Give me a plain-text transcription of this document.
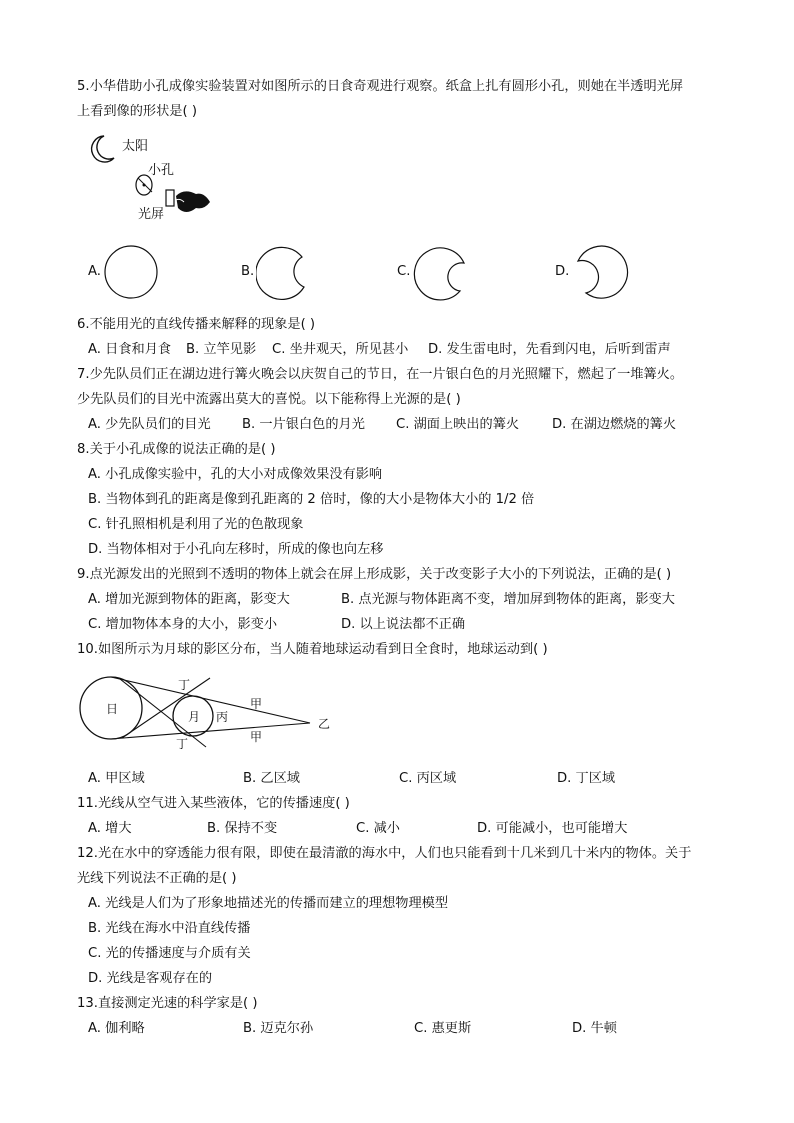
5.小华借助小孔成像实验装置对如图所示的日食奇观进行观察。纸盒上扎有圆形小孔，则她在半透明光屏
上看到像的形状是( )
太阳
小孔
光屏
A.	B.	C.	D.
6.不能用光的直线传播来解释的现象是( )
A. 日食和月食 B. 立竿见影 C. 坐井观天，所见甚小 D. 发生雷电时，先看到闪电，后听到雷声
7.少先队员们正在湖边进行篝火晚会以庆贺自己的节日，在一片银白色的月光照耀下，燃起了一堆篝火。
少先队员们的目光中流露出莫大的喜悦。以下能称得上光源的是( )
A. 少先队员们的目光 B. 一片银白色的月光 C. 湖面上映出的篝火 D. 在湖边燃烧的篝火
8.关于小孔成像的说法正确的是( )
A. 小孔成像实验中，孔的大小对成像效果没有影响
B. 当物体到孔的距离是像到孔距离的 2 倍时，像的大小是物体大小的 1/2 倍
C. 针孔照相机是利用了光的色散现象
D. 当物体相对于小孔向左移时，所成的像也向左移
9.点光源发出的光照到不透明的物体上就会在屏上形成影，关于改变影子大小的下列说法，正确的是( )
A. 增加光源到物体的距离，影变大	B. 点光源与物体距离不变，增加屏到物体的距离，影变大
C. 增加物体本身的大小，影变小	D. 以上说法都不正确
10.如图所示为月球的影区分布，当人随着地球运动看到日全食时，地球运动到( )
日
月 丙
甲
甲
乙
丁
丁
A. 甲区域	B. 乙区域	C. 丙区域	D. 丁区域
11.光线从空气进入某些液体，它的传播速度( )
A. 增大	B. 保持不变	C. 减小	D. 可能减小，也可能增大
12.光在水中的穿透能力很有限，即使在最清澈的海水中，人们也只能看到十几米到几十米内的物体。关于
光线下列说法不正确的是( )
A. 光线是人们为了形象地描述光的传播而建立的理想物理模型
B. 光线在海水中沿直线传播
C. 光的传播速度与介质有关
D. 光线是客观存在的
13.直接测定光速的科学家是( )
A. 伽利略	B. 迈克尔孙	C. 惠更斯	D. 牛顿
